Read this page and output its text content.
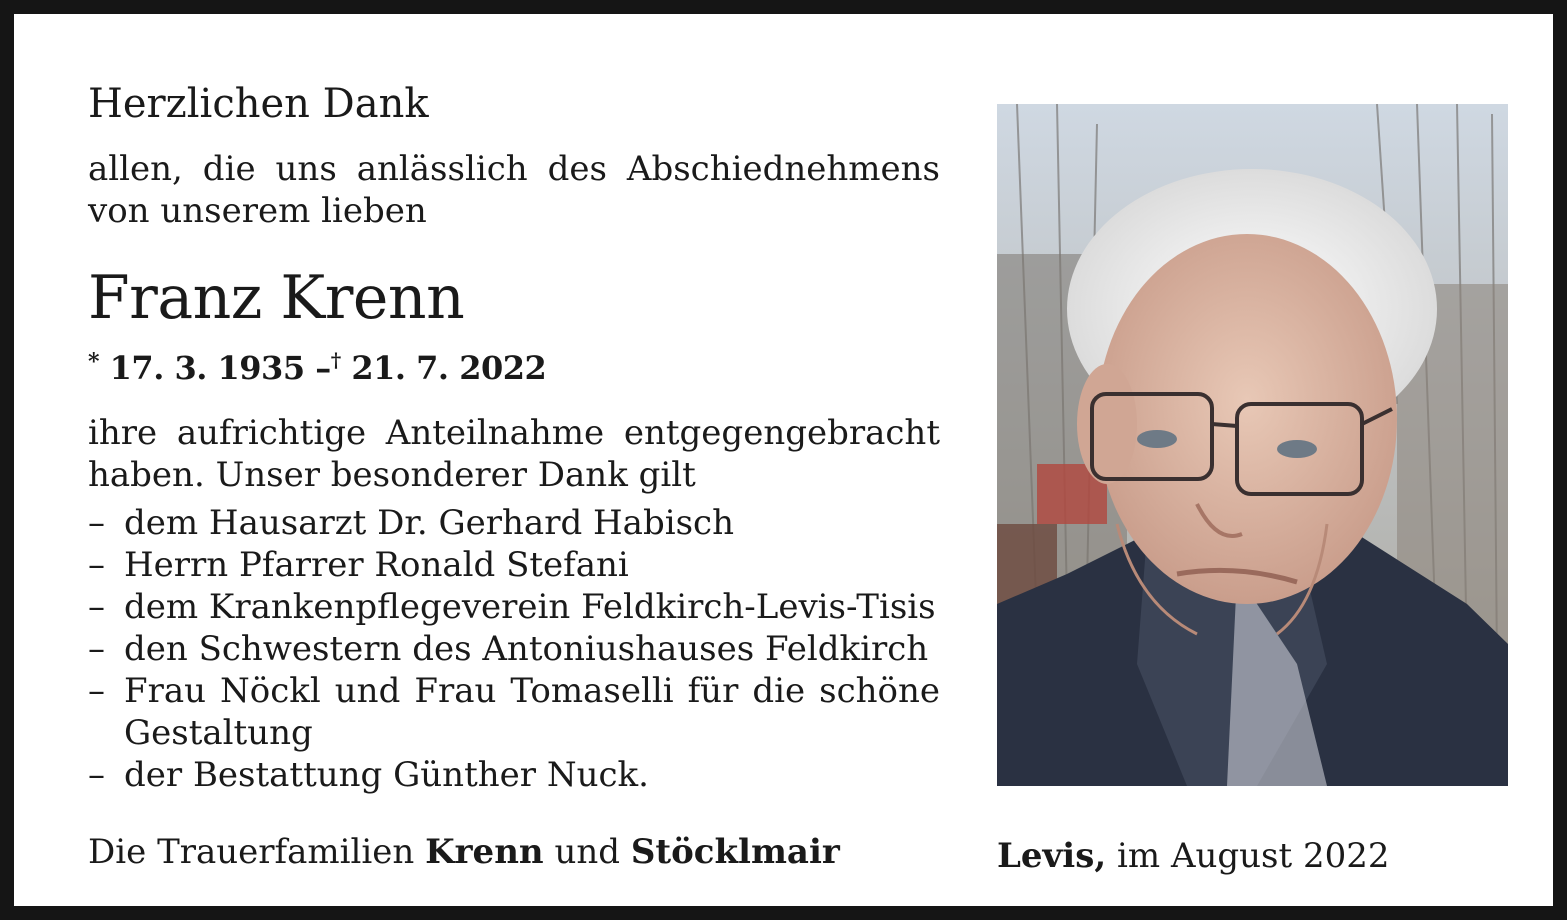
Herzlichen Dank
allen, die uns anlässlich des Abschiednehmens
von unserem lieben
Franz Krenn
* 17. 3. 1935 –† 21. 7. 2022
ihre aufrichtige Anteilnahme entgegengebracht
haben. Unser besonderer Dank gilt
– dem Hausarzt Dr. Gerhard Habisch
– Herrn Pfarrer Ronald Stefani
– dem Krankenpflegeverein Feldkirch-Levis-Tisis
– den Schwestern des Antoniushauses Feldkirch
– Frau Nöckl und Frau Tomaselli für die schöne
Gestaltung
– der Bestattung Günther Nuck.
Die Trauerfamilien Krenn und Stöcklmair	Levis, im August 2022
